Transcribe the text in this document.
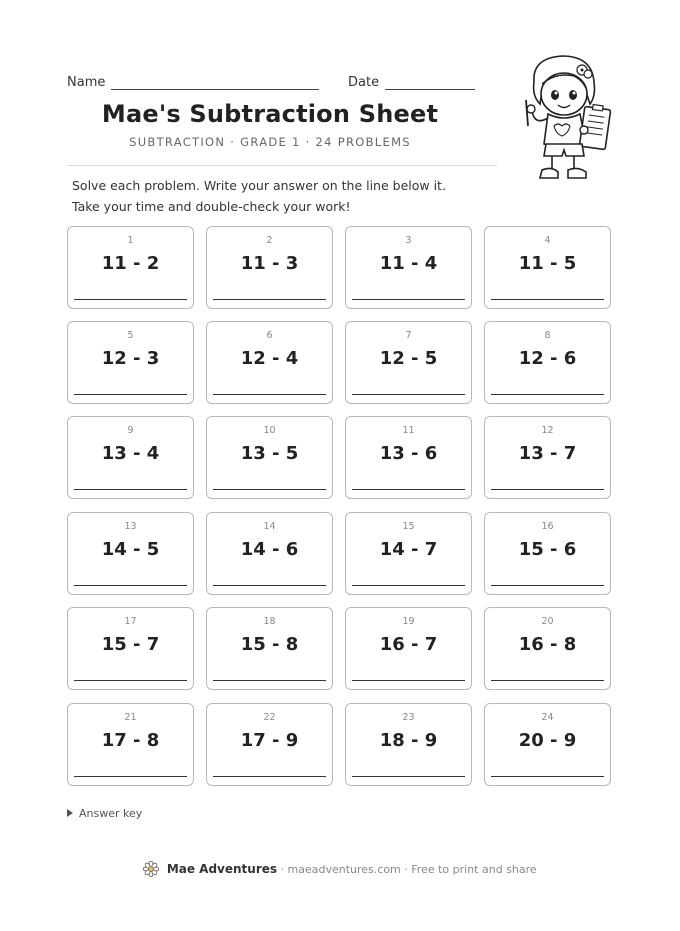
Name	Date
Mae's Subtraction Sheet
SUBTRACTION · GRADE 1 · 24 PROBLEMS
Solve each problem. Write your answer on the line below it. Take your time and double-check your work!
1
11 - 2
2
11 - 3
3
11 - 4
4
11 - 5
5
12 - 3
6
12 - 4
7
12 - 5
8
12 - 6
9
13 - 4
10
13 - 5
11
13 - 6
12
13 - 7
13
14 - 5
14
14 - 6
15
14 - 7
16
15 - 6
17
15 - 7
18
15 - 8
19
16 - 7
20
16 - 8
21
17 - 8
22
17 - 9
23
18 - 9
24
20 - 9
Answer key
Mae Adventures · maeadventures.com · Free to print and share
